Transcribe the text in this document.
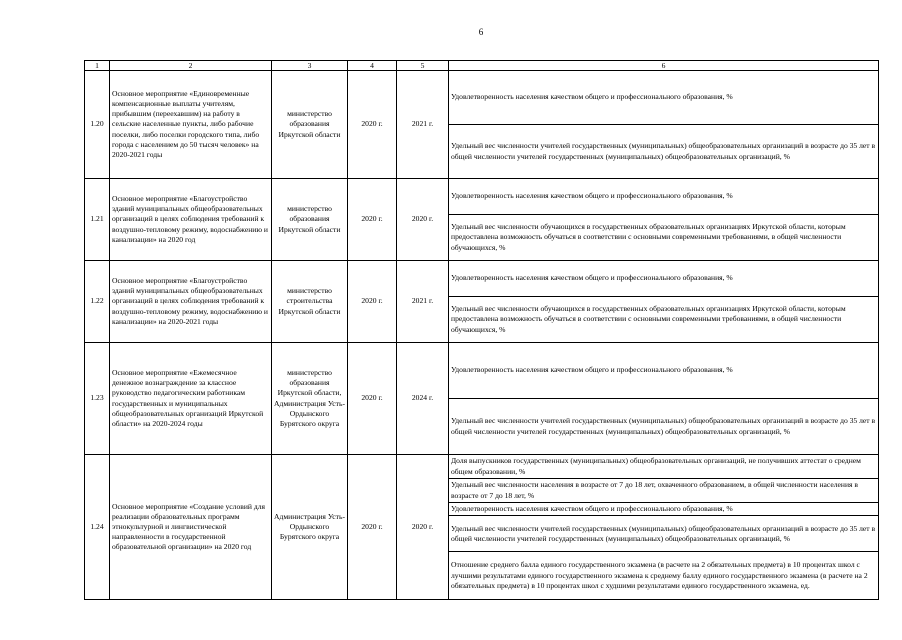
6
1	2	3	4	5	6
1.20	Основное мероприятие «Единовременные компенсационные выплаты учителям, прибывшим (переехавшим) на работу в сельские населенные пункты, либо рабочие поселки, либо поселки городского типа, либо города с населением до 50 тысяч человек» на 2020-2021 годы	министерство образования Иркутской области	2020 г.	2021 г.	Удовлетворенность населения качеством общего и профессионального образования, %
					Удельный вес численности учителей государственных (муниципальных) общеобразовательных организаций в возрасте до 35 лет в общей численности учителей государственных (муниципальных) общеобразовательных организаций, %
1.21	Основное мероприятие «Благоустройство зданий муниципальных общеобразовательных организаций в целях соблюдения требований к воздушно-тепловому режиму, водоснабжению и канализации» на 2020 год	министерство образования Иркутской области	2020 г.	2020 г.	Удовлетворенность населения качеством общего и профессионального образования, %
					Удельный вес численности обучающихся в государственных образовательных организациях Иркутской области, которым предоставлена возможность обучаться в соответствии с основными современными требованиями, в общей численности обучающихся, %
1.22	Основное мероприятие «Благоустройство зданий муниципальных общеобразовательных организаций в целях соблюдения требований к воздушно-тепловому режиму, водоснабжению и канализации» на 2020-2021 годы	министерство строительства Иркутской области	2020 г.	2021 г.	Удовлетворенность населения качеством общего и профессионального образования, %
					Удельный вес численности обучающихся в государственных образовательных организациях Иркутской области, которым предоставлена возможность обучаться в соответствии с основными современными требованиями, в общей численности обучающихся, %
1.23	Основное мероприятие «Ежемесячное денежное вознаграждение за классное руководство педагогическим работникам государственных и муниципальных общеобразовательных организаций Иркутской области» на 2020-2024 годы	министерство образования Иркутской области, Администрация Усть-Ордынского Бурятского округа	2020 г.	2024 г.	Удовлетворенность населения качеством общего и профессионального образования, %
					Удельный вес численности учителей государственных (муниципальных) общеобразовательных организаций в возрасте до 35 лет в общей численности учителей государственных (муниципальных) общеобразовательных организаций, %
1.24	Основное мероприятие «Создание условий для реализации образовательных программ этнокультурной и лингвистической направленности в государственной образовательной организации» на 2020 год	Администрация Усть-Ордынского Бурятского округа	2020 г.	2020 г.	Доля выпускников государственных (муниципальных) общеобразовательных организаций, не получивших аттестат о среднем общем образовании, %
					Удельный вес численности населения в возрасте от 7 до 18 лет, охваченного образованием, в общей численности населения в возрасте от 7 до 18 лет, %
					Удовлетворенность населения качеством общего и профессионального образования, %
					Удельный вес численности учителей государственных (муниципальных) общеобразовательных организаций в возрасте до 35 лет в общей численности учителей государственных (муниципальных) общеобразовательных организаций, %
					Отношение среднего балла единого государственного экзамена (в расчете на 2 обязательных предмета) в 10 процентах школ с лучшими результатами единого государственного экзамена к среднему баллу единого государственного экзамена (в расчете на 2 обязательных предмета) в 10 процентах школ с худшими результатами единого государственного экзамена, ед.
